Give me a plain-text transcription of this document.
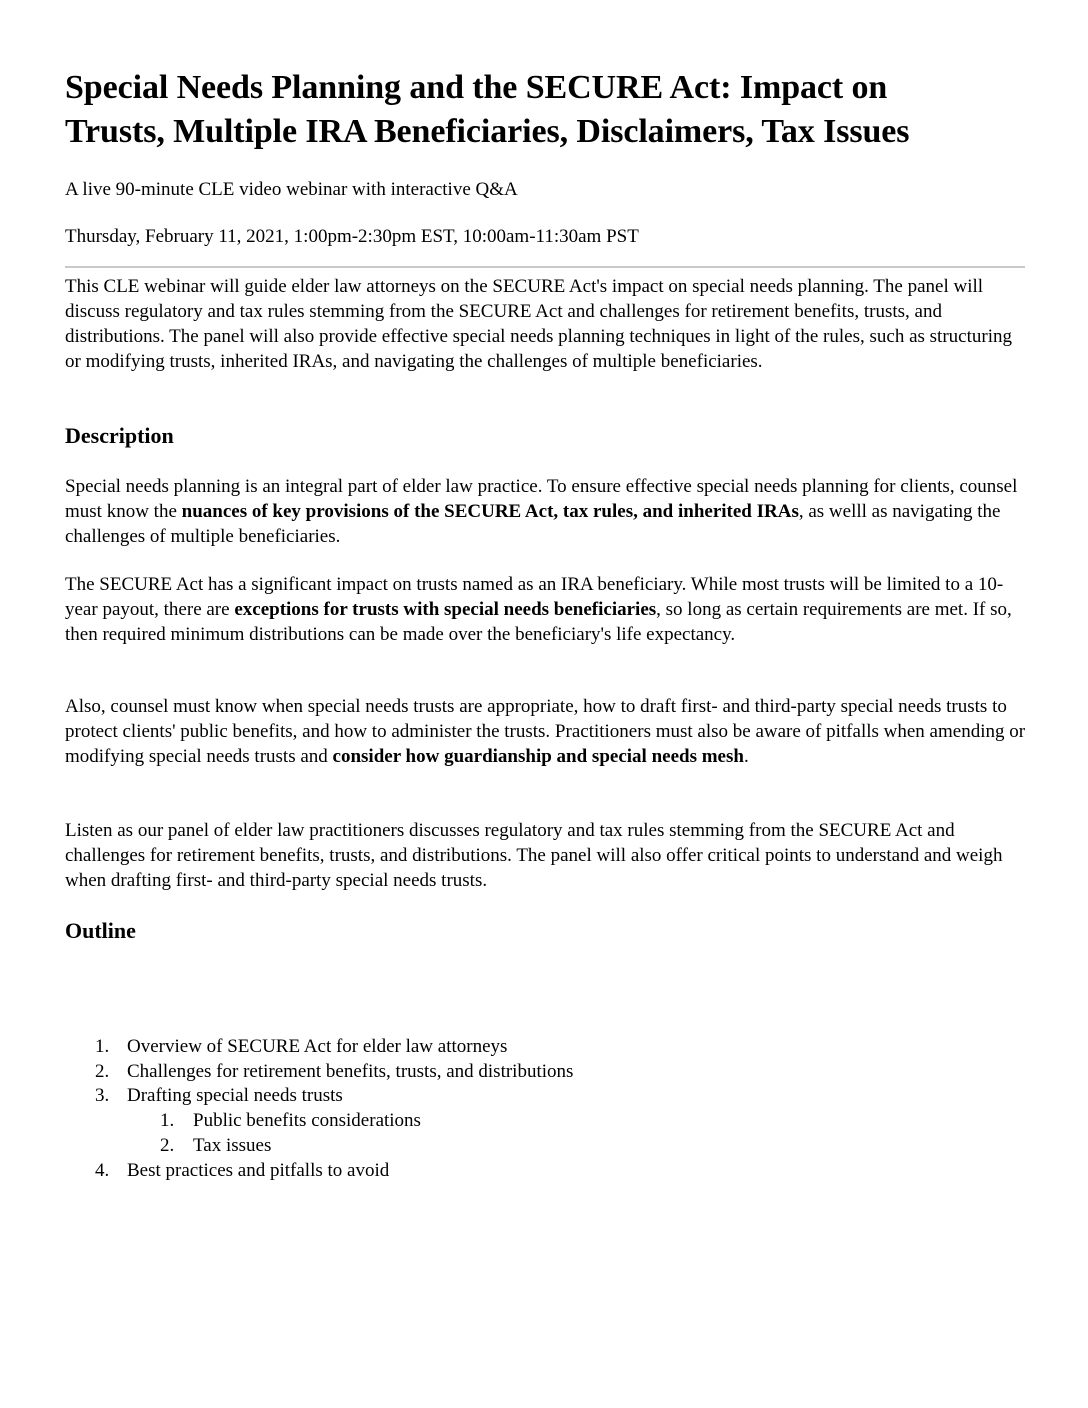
Special Needs Planning and the SECURE Act: Impact on
Trusts, Multiple IRA Beneficiaries, Disclaimers, Tax Issues

A live 90-minute CLE video webinar with interactive Q&A

Thursday, February 11, 2021, 1:00pm-2:30pm EST, 10:00am-11:30am PST

This CLE webinar will guide elder law attorneys on the SECURE Act's impact on special needs planning. The panel will discuss regulatory and tax rules stemming from the SECURE Act and challenges for retirement benefits, trusts, and distributions. The panel will also provide effective special needs planning techniques in light of the rules, such as structuring or modifying trusts, inherited IRAs, and navigating the challenges of multiple beneficiaries.

Description

Special needs planning is an integral part of elder law practice. To ensure effective special needs planning for clients, counsel must know the nuances of key provisions of the SECURE Act, tax rules, and inherited IRAs, as welll as navigating the challenges of multiple beneficiaries.

The SECURE Act has a significant impact on trusts named as an IRA beneficiary. While most trusts will be limited to a 10-year payout, there are exceptions for trusts with special needs beneficiaries, so long as certain requirements are met. If so, then required minimum distributions can be made over the beneficiary's life expectancy.

Also, counsel must know when special needs trusts are appropriate, how to draft first- and third-party special needs trusts to protect clients' public benefits, and how to administer the trusts. Practitioners must also be aware of pitfalls when amending or modifying special needs trusts and consider how guardianship and special needs mesh.

Listen as our panel of elder law practitioners discusses regulatory and tax rules stemming from the SECURE Act and challenges for retirement benefits, trusts, and distributions. The panel will also offer critical points to understand and weigh when drafting first- and third-party special needs trusts.

Outline
1. Overview of SECURE Act for elder law attorneys
2. Challenges for retirement benefits, trusts, and distributions
3. Drafting special needs trusts
1. Public benefits considerations
2. Tax issues
4. Best practices and pitfalls to avoid
